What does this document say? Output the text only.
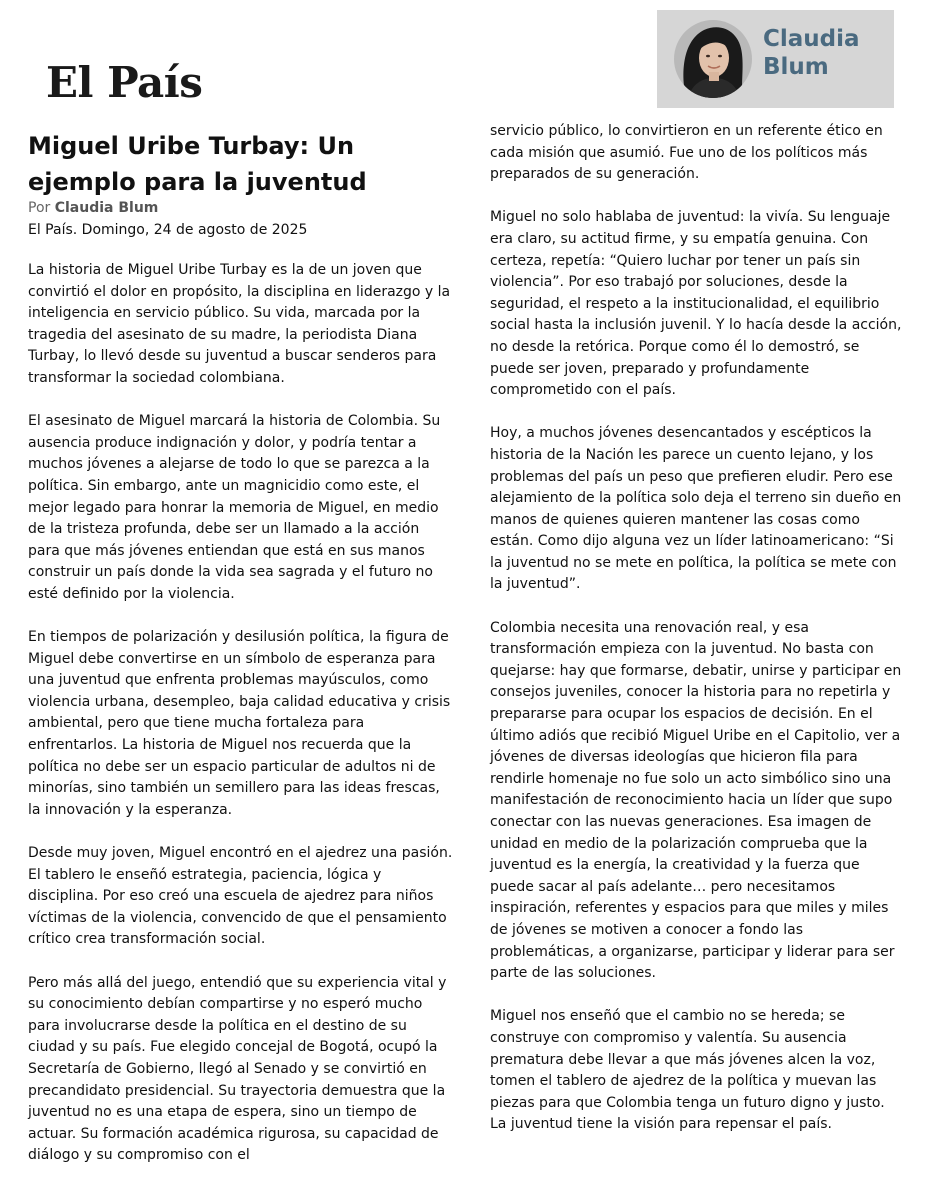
El País
Claudia Blum
Miguel Uribe Turbay: Un ejemplo para la juventud
Por Claudia Blum
El País. Domingo, 24 de agosto de 2025

La historia de Miguel Uribe Turbay es la de un joven que convirtió el dolor en propósito, la disciplina en liderazgo y la inteligencia en servicio público. Su vida, marcada por la tragedia del asesinato de su madre, la periodista Diana Turbay, lo llevó desde su juventud a buscar senderos para transformar la sociedad colombiana.

El asesinato de Miguel marcará la historia de Colombia. Su ausencia produce indignación y dolor, y podría tentar a muchos jóvenes a alejarse de todo lo que se parezca a la política. Sin embargo, ante un magnicidio como este, el mejor legado para honrar la memoria de Miguel, en medio de la tristeza profunda, debe ser un llamado a la acción para que más jóvenes entiendan que está en sus manos construir un país donde la vida sea sagrada y el futuro no esté definido por la violencia.

En tiempos de polarización y desilusión política, la figura de Miguel debe convertirse en un símbolo de esperanza para una juventud que enfrenta problemas mayúsculos, como violencia urbana, desempleo, baja calidad educativa y crisis ambiental, pero que tiene mucha fortaleza para enfrentarlos. La historia de Miguel nos recuerda que la política no debe ser un espacio particular de adultos ni de minorías, sino también un semillero para las ideas frescas, la innovación y la esperanza.

Desde muy joven, Miguel encontró en el ajedrez una pasión. El tablero le enseñó estrategia, paciencia, lógica y disciplina. Por eso creó una escuela de ajedrez para niños víctimas de la violencia, convencido de que el pensamiento crítico crea transformación social.

Pero más allá del juego, entendió que su experiencia vital y su conocimiento debían compartirse y no esperó mucho para involucrarse desde la política en el destino de su ciudad y su país. Fue elegido concejal de Bogotá, ocupó la Secretaría de Gobierno, llegó al Senado y se convirtió en precandidato presidencial. Su trayectoria demuestra que la juventud no es una etapa de espera, sino un tiempo de actuar. Su formación académica rigurosa, su capacidad de diálogo y su compromiso con el

servicio público, lo convirtieron en un referente ético en cada misión que asumió. Fue uno de los políticos más preparados de su generación.

Miguel no solo hablaba de juventud: la vivía. Su lenguaje era claro, su actitud firme, y su empatía genuina. Con certeza, repetía: “Quiero luchar por tener un país sin violencia”. Por eso trabajó por soluciones, desde la seguridad, el respeto a la institucionalidad, el equilibrio social hasta la inclusión juvenil. Y lo hacía desde la acción, no desde la retórica. Porque como él lo demostró, se puede ser joven, preparado y profundamente comprometido con el país.

Hoy, a muchos jóvenes desencantados y escépticos la historia de la Nación les parece un cuento lejano, y los problemas del país un peso que prefieren eludir. Pero ese alejamiento de la política solo deja el terreno sin dueño en manos de quienes quieren mantener las cosas como están. Como dijo alguna vez un líder latinoamericano: “Si la juventud no se mete en política, la política se mete con la juventud”.

Colombia necesita una renovación real, y esa transformación empieza con la juventud. No basta con quejarse: hay que formarse, debatir, unirse y participar en consejos juveniles, conocer la historia para no repetirla y prepararse para ocupar los espacios de decisión. En el último adiós que recibió Miguel Uribe en el Capitolio, ver a jóvenes de diversas ideologías que hicieron fila para rendirle homenaje no fue solo un acto simbólico sino una manifestación de reconocimiento hacia un líder que supo conectar con las nuevas generaciones. Esa imagen de unidad en medio de la polarización comprueba que la juventud es la energía, la creatividad y la fuerza que puede sacar al país adelante… pero necesitamos inspiración, referentes y espacios para que miles y miles de jóvenes se motiven a conocer a fondo las problemáticas, a organizarse, participar y liderar para ser parte de las soluciones.

Miguel nos enseñó que el cambio no se hereda; se construye con compromiso y valentía. Su ausencia prematura debe llevar a que más jóvenes alcen la voz, tomen el tablero de ajedrez de la política y muevan las piezas para que Colombia tenga un futuro digno y justo. La juventud tiene la visión para repensar el país.
